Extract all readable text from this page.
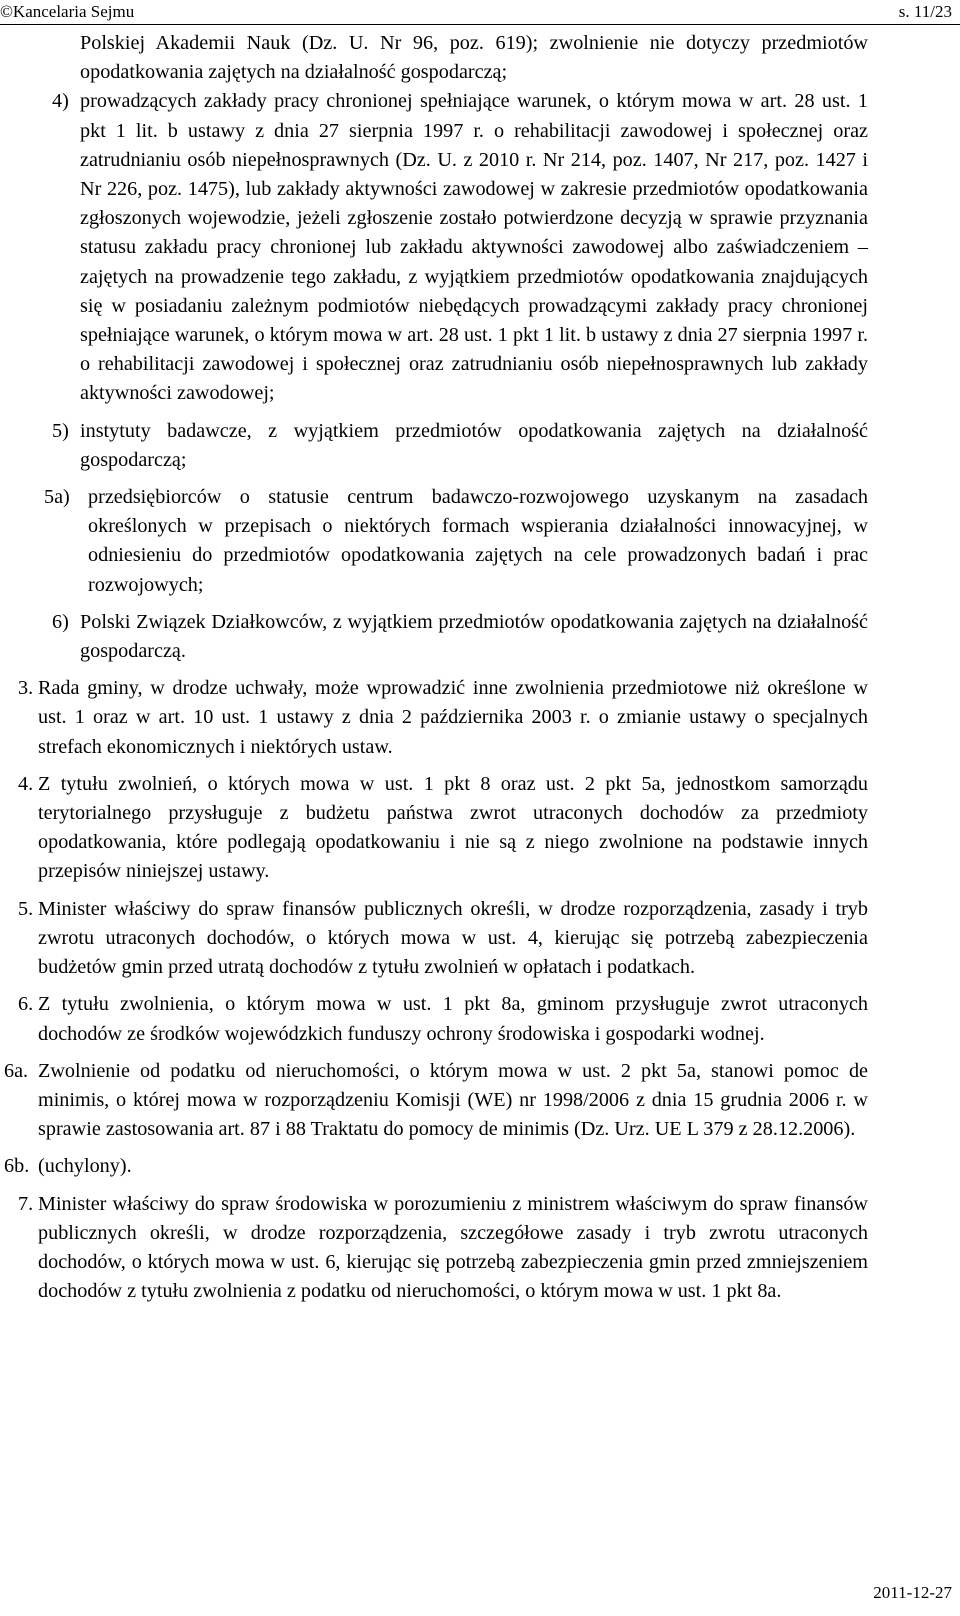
©Kancelaria Sejmu	s. 11/23
Polskiej Akademii Nauk (Dz. U. Nr 96, poz. 619); zwolnienie nie dotyczy przedmiotów opodatkowania zajętych na działalność gospodarczą;
4) prowadzących zakłady pracy chronionej spełniające warunek, o którym mowa w art. 28 ust. 1 pkt 1 lit. b ustawy z dnia 27 sierpnia 1997 r. o rehabilitacji zawodowej i społecznej oraz zatrudnianiu osób niepełnosprawnych (Dz. U. z 2010 r. Nr 214, poz. 1407, Nr 217, poz. 1427 i Nr 226, poz. 1475), lub zakłady aktywności zawodowej w zakresie przedmiotów opodatkowania zgłoszonych wojewodzie, jeżeli zgłoszenie zostało potwierdzone decyzją w sprawie przyznania statusu zakładu pracy chronionej lub zakładu aktywności zawodowej albo zaświadczeniem – zajętych na prowadzenie tego zakładu, z wyjątkiem przedmiotów opodatkowania znajdujących się w posiadaniu zależnym podmiotów niebędących prowadzącymi zakłady pracy chronionej spełniające warunek, o którym mowa w art. 28 ust. 1 pkt 1 lit. b ustawy z dnia 27 sierpnia 1997 r. o rehabilitacji zawodowej i społecznej oraz zatrudnianiu osób niepełnosprawnych lub zakłady aktywności zawodowej;
5) instytuty badawcze, z wyjątkiem przedmiotów opodatkowania zajętych na działalność gospodarczą;
5a) przedsiębiorców o statusie centrum badawczo-rozwojowego uzyskanym na zasadach określonych w przepisach o niektórych formach wspierania działalności innowacyjnej, w odniesieniu do przedmiotów opodatkowania zajętych na cele prowadzonych badań i prac rozwojowych;
6) Polski Związek Działkowców, z wyjątkiem przedmiotów opodatkowania zajętych na działalność gospodarczą.
3. Rada gminy, w drodze uchwały, może wprowadzić inne zwolnienia przedmiotowe niż określone w ust. 1 oraz w art. 10 ust. 1 ustawy z dnia 2 października 2003 r. o zmianie ustawy o specjalnych strefach ekonomicznych i niektórych ustaw.
4. Z tytułu zwolnień, o których mowa w ust. 1 pkt 8 oraz ust. 2 pkt 5a, jednostkom samorządu terytorialnego przysługuje z budżetu państwa zwrot utraconych dochodów za przedmioty opodatkowania, które podlegają opodatkowaniu i nie są z niego zwolnione na podstawie innych przepisów niniejszej ustawy.
5. Minister właściwy do spraw finansów publicznych określi, w drodze rozporządzenia, zasady i tryb zwrotu utraconych dochodów, o których mowa w ust. 4, kierując się potrzebą zabezpieczenia budżetów gmin przed utratą dochodów z tytułu zwolnień w opłatach i podatkach.
6. Z tytułu zwolnienia, o którym mowa w ust. 1 pkt 8a, gminom przysługuje zwrot utraconych dochodów ze środków wojewódzkich funduszy ochrony środowiska i gospodarki wodnej.
6a. Zwolnienie od podatku od nieruchomości, o którym mowa w ust. 2 pkt 5a, stanowi pomoc de minimis, o której mowa w rozporządzeniu Komisji (WE) nr 1998/2006 z dnia 15 grudnia 2006 r. w sprawie zastosowania art. 87 i 88 Traktatu do pomocy de minimis (Dz. Urz. UE L 379 z 28.12.2006).
6b. (uchylony).
7. Minister właściwy do spraw środowiska w porozumieniu z ministrem właściwym do spraw finansów publicznych określi, w drodze rozporządzenia, szczegółowe zasady i tryb zwrotu utraconych dochodów, o których mowa w ust. 6, kierując się potrzebą zabezpieczenia gmin przed zmniejszeniem dochodów z tytułu zwolnienia z podatku od nieruchomości, o którym mowa w ust. 1 pkt 8a.
2011-12-27
